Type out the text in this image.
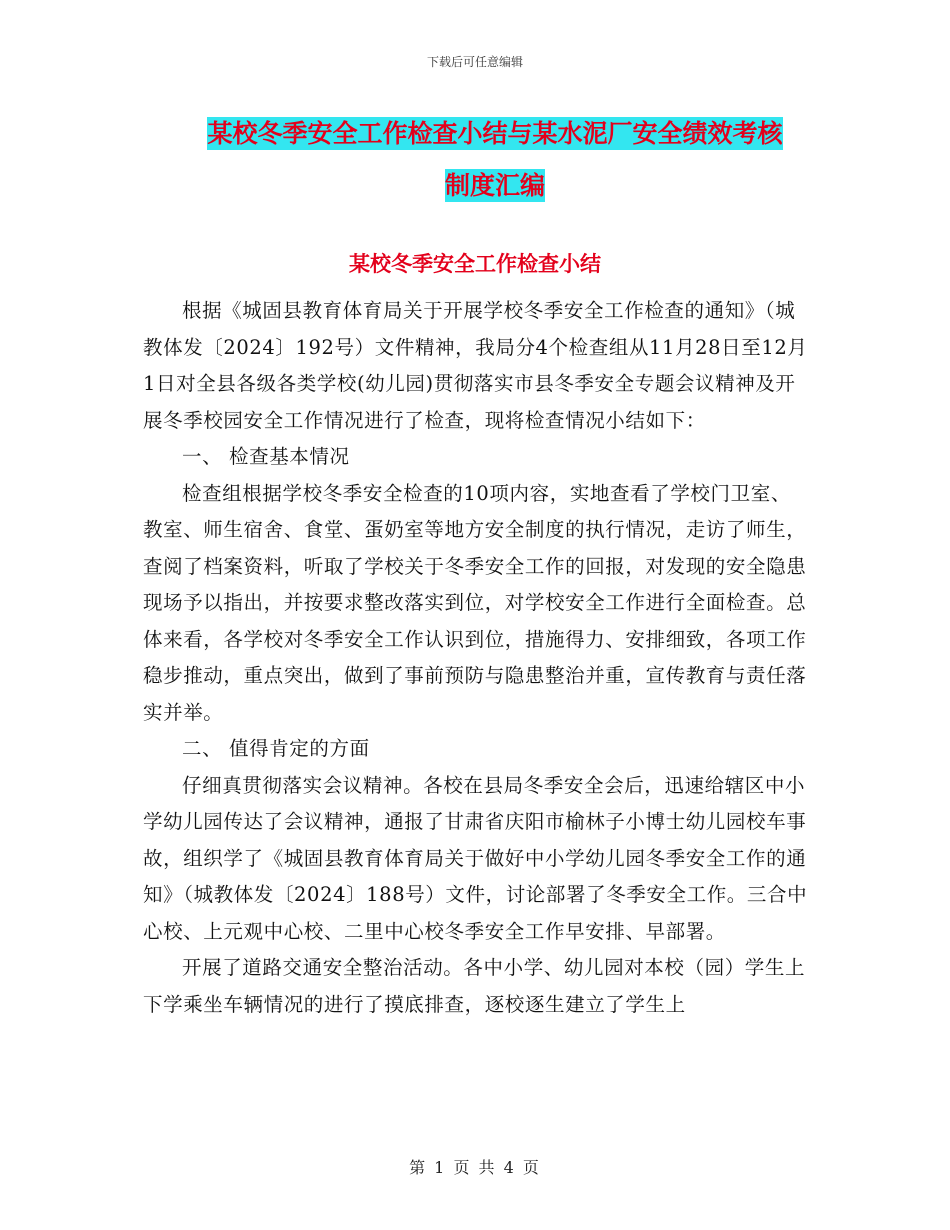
下载后可任意编辑
某校冬季安全工作检查小结与某水泥厂安全绩效考核
制度汇编
某校冬季安全工作检查小结

根据《城固县教育体育局关于开展学校冬季安全工作检查的通知》（城教体发〔2024〕192号）文件精神，我局分4个检查组从11月28日至12月1日对全县各级各类学校(幼儿园)贯彻落实市县冬季安全专题会议精神及开展冬季校园安全工作情况进行了检查，现将检查情况小结如下：

一、 检查基本情况

检查组根据学校冬季安全检查的10项内容，实地查看了学校门卫室、教室、师生宿舍、食堂、蛋奶室等地方安全制度的执行情况，走访了师生，查阅了档案资料，听取了学校关于冬季安全工作的回报，对发现的安全隐患现场予以指出，并按要求整改落实到位，对学校安全工作进行全面检查。总体来看，各学校对冬季安全工作认识到位，措施得力、安排细致，各项工作稳步推动，重点突出，做到了事前预防与隐患整治并重，宣传教育与责任落实并举。

二、 值得肯定的方面

仔细真贯彻落实会议精神。各校在县局冬季安全会后，迅速给辖区中小学幼儿园传达了会议精神，通报了甘肃省庆阳市榆林子小博士幼儿园校车事故，组织学了《城固县教育体育局关于做好中小学幼儿园冬季安全工作的通知》（城教体发〔2024〕188号）文件，讨论部署了冬季安全工作。三合中心校、上元观中心校、二里中心校冬季安全工作早安排、早部署。

开展了道路交通安全整治活动。各中小学、幼儿园对本校（园）学生上下学乘坐车辆情况的进行了摸底排查，逐校逐生建立了学生上

第 1 页 共 4 页
